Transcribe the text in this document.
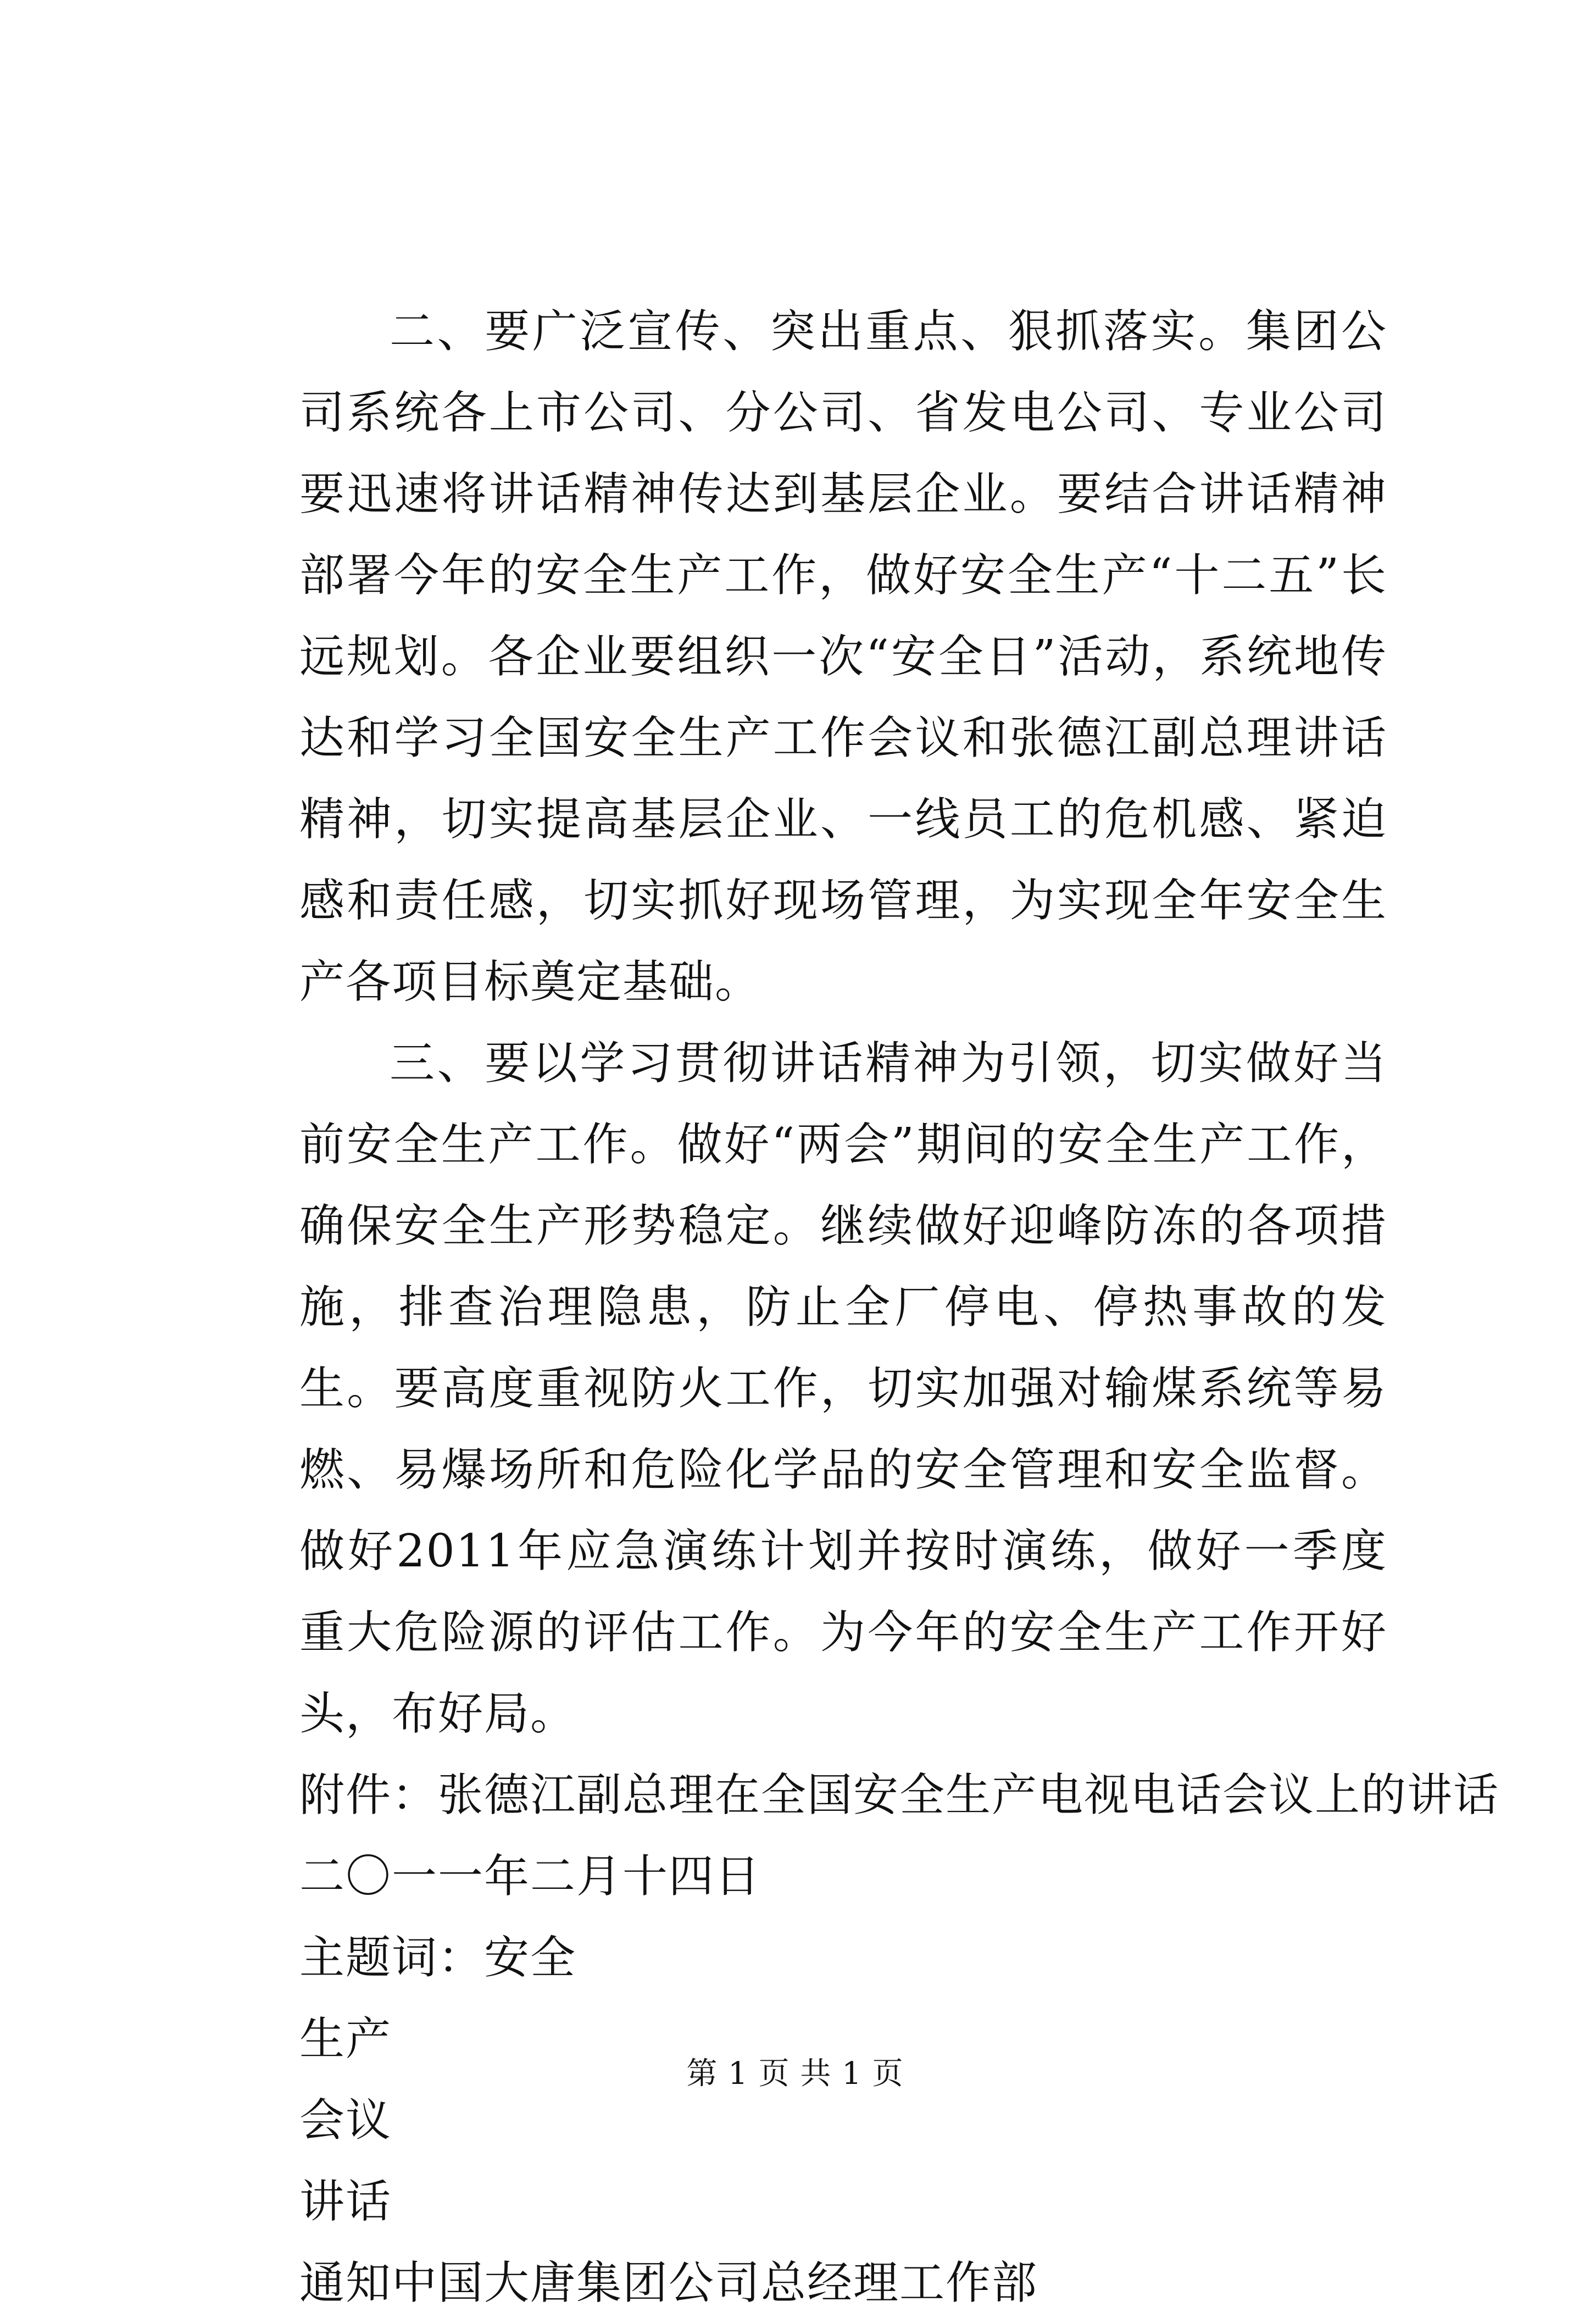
二、要广泛宣传、突出重点、狠抓落实。集团公司系统各上市公司、分公司、省发电公司、专业公司要迅速将讲话精神传达到基层企业。要结合讲话精神部署今年的安全生产工作，做好安全生产“十二五”长远规划。各企业要组织一次“安全日”活动，系统地传达和学习全国安全生产工作会议和张德江副总理讲话精神，切实提高基层企业、一线员工的危机感、紧迫感和责任感，切实抓好现场管理，为实现全年安全生产各项目标奠定基础。

三、要以学习贯彻讲话精神为引领，切实做好当前安全生产工作。做好“两会”期间的安全生产工作，确保安全生产形势稳定。继续做好迎峰防冻的各项措施，排查治理隐患，防止全厂停电、停热事故的发生。要高度重视防火工作，切实加强对输煤系统等易燃、易爆场所和危险化学品的安全管理和安全监督。做好2011年应急演练计划并按时演练，做好一季度重大危险源的评估工作。为今年的安全生产工作开好头，布好局。

附件：张德江副总理在全国安全生产电视电话会议上的讲话

二〇一一年二月十四日

主题词：安全

生产

会议

讲话

通知中国大唐集团公司总经理工作部

第 1 页 共 1 页
